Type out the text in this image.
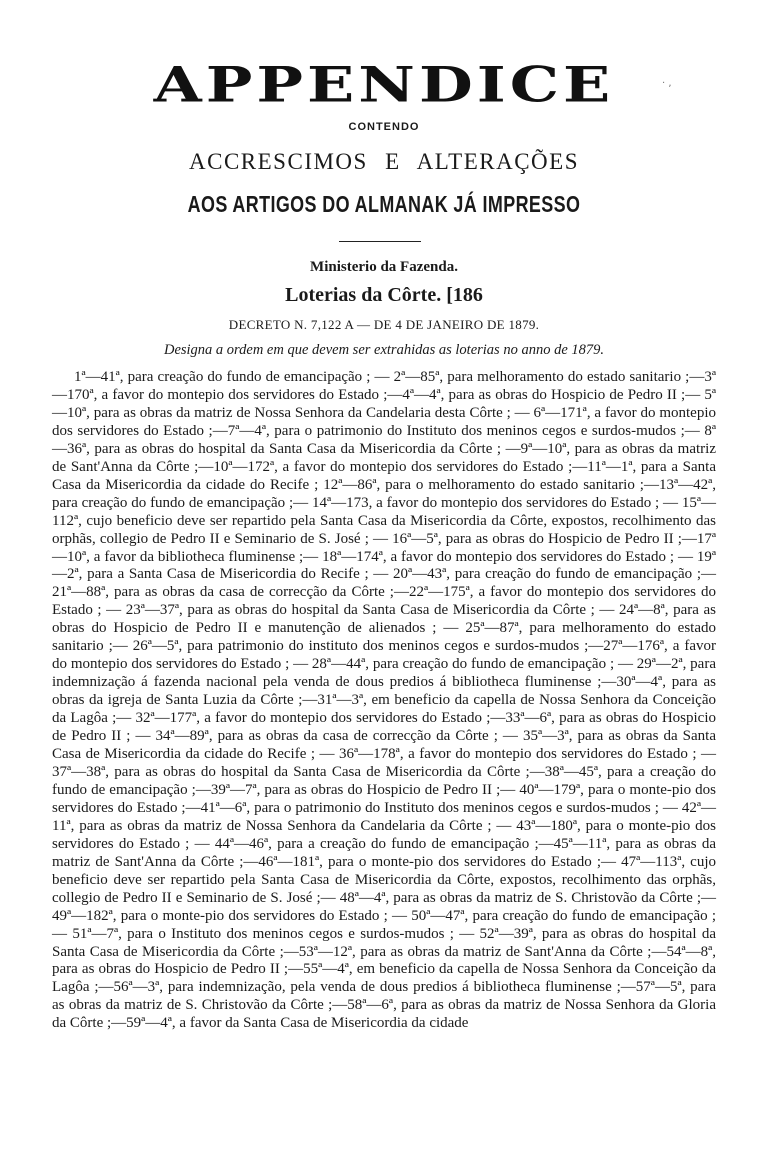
APPENDICE	· ,
CONTENDO
ACCRESCIMOS E ALTERAÇÕES
AOS ARTIGOS DO ALMANAK JÁ IMPRESSO
Ministerio da Fazenda.
Loterias da Côrte. [186
DECRETO N. 7,122 A — DE 4 DE JANEIRO DE 1879.
Designa a ordem em que devem ser extrahidas as loterias no anno de 1879.
1ª—41ª, para creação do fundo de emancipação ; — 2ª—85ª, para melhoramento do estado sanitario ;—3ª—170ª, a favor do montepio dos servidores do Estado ;—4ª—4ª, para as obras do Hospicio de Pedro II ;— 5ª—10ª, para as obras da matriz de Nossa Senhora da Candelaria desta Côrte ; — 6ª—171ª, a favor do montepio dos servidores do Estado ;—7ª—4ª, para o patrimonio do Instituto dos meninos cegos e surdos-mudos ;— 8ª—36ª, para as obras do hospital da Santa Casa da Misericordia da Côrte ; —9ª—10ª, para as obras da matriz de Sant'Anna da Côrte ;—10ª—172ª, a favor do montepio dos servidores do Estado ;—11ª—1ª, para a Santa Casa da Misericordia da cidade do Recife ; 12ª—86ª, para o melhoramento do estado sanitario ;—13ª—42ª, para creação do fundo de emancipação ;— 14ª—173, a favor do montepio dos servidores do Estado ; — 15ª—112ª, cujo beneficio deve ser repartido pela Santa Casa da Misericordia da Côrte, expostos, recolhimento das orphãs, collegio de Pedro II e Seminario de S. José ; — 16ª—5ª, para as obras do Hospicio de Pedro II ;—17ª—10ª, a favor da bibliotheca fluminense ;— 18ª—174ª, a favor do montepio dos servidores do Estado ; — 19ª—2ª, para a Santa Casa de Misericordia do Recife ; — 20ª—43ª, para creação do fundo de emancipação ;—21ª—88ª, para as obras da casa de correcção da Côrte ;—22ª—175ª, a favor do montepio dos servidores do Estado ; — 23ª—37ª, para as obras do hospital da Santa Casa de Misericordia da Côrte ; — 24ª—8ª, para as obras do Hospicio de Pedro II e manutenção de alienados ; — 25ª—87ª, para melhoramento do estado sanitario ;— 26ª—5ª, para patrimonio do instituto dos meninos cegos e surdos-mudos ;—27ª—176ª, a favor do montepio dos servidores do Estado ; — 28ª—44ª, para creação do fundo de emancipação ; — 29ª—2ª, para indemnização á fazenda nacional pela venda de dous predios á bibliotheca fluminense ;—30ª—4ª, para as obras da igreja de Santa Luzia da Côrte ;—31ª—3ª, em beneficio da capella de Nossa Senhora da Conceição da Lagôa ;— 32ª—177ª, a favor do montepio dos servidores do Estado ;—33ª—6ª, para as obras do Hospicio de Pedro II ; — 34ª—89ª, para as obras da casa de correcção da Côrte ; — 35ª—3ª, para as obras da Santa Casa de Misericordia da cidade do Recife ; — 36ª—178ª, a favor do montepio dos servidores do Estado ; — 37ª—38ª, para as obras do hospital da Santa Casa de Misericordia da Côrte ;—38ª—45ª, para a creação do fundo de emancipação ;—39ª—7ª, para as obras do Hospicio de Pedro II ;— 40ª—179ª, para o monte-pio dos servidores do Estado ;—41ª—6ª, para o patrimonio do Instituto dos meninos cegos e surdos-mudos ; — 42ª—11ª, para as obras da matriz de Nossa Senhora da Candelaria da Côrte ; — 43ª—180ª, para o monte-pio dos servidores do Estado ; — 44ª—46ª, para a creação do fundo de emancipação ;—45ª—11ª, para as obras da matriz de Sant'Anna da Côrte ;—46ª—181ª, para o monte-pio dos servidores do Estado ;— 47ª—113ª, cujo beneficio deve ser repartido pela Santa Casa de Misericordia da Côrte, expostos, recolhimento das orphãs, collegio de Pedro II e Seminario de S. José ;— 48ª—4ª, para as obras da matriz de S. Christovão da Côrte ;— 49ª—182ª, para o monte-pio dos servidores do Estado ; — 50ª—47ª, para creação do fundo de emancipação ; — 51ª—7ª, para o Instituto dos meninos cegos e surdos-mudos ; — 52ª—39ª, para as obras do hospital da Santa Casa de Misericordia da Côrte ;—53ª—12ª, para as obras da matriz de Sant'Anna da Côrte ;—54ª—8ª, para as obras do Hospicio de Pedro II ;—55ª—4ª, em beneficio da capella de Nossa Senhora da Conceição da Lagôa ;—56ª—3ª, para indemnização, pela venda de dous predios á bibliotheca fluminense ;—57ª—5ª, para as obras da matriz de S. Christovão da Côrte ;—58ª—6ª, para as obras da matriz de Nossa Senhora da Gloria da Côrte ;—59ª—4ª, a favor da Santa Casa de Misericordia da cidade
